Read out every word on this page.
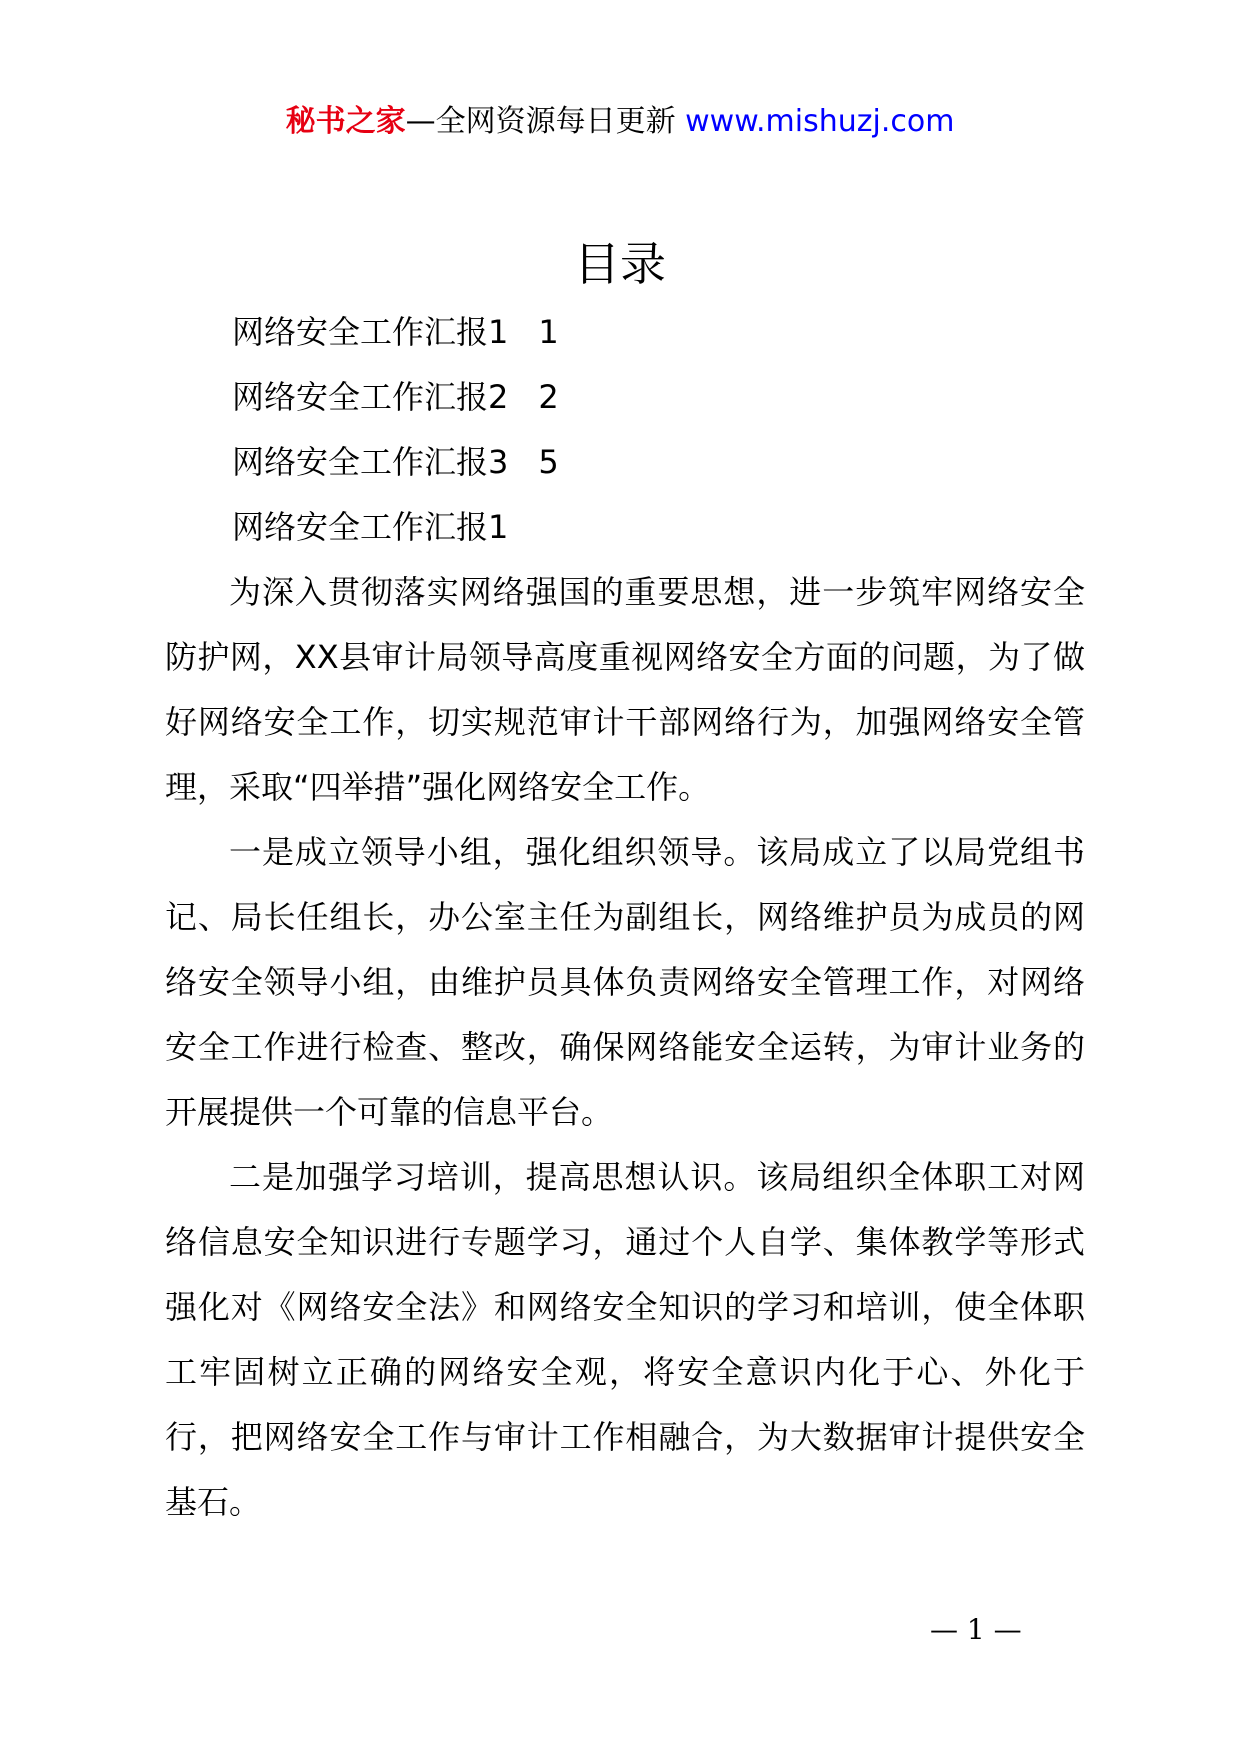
秘书之家—全网资源每日更新 www.mishuzj.com
目录
网络安全工作汇报1 1
网络安全工作汇报2 2
网络安全工作汇报3 5
网络安全工作汇报1

为深入贯彻落实网络强国的重要思想，进一步筑牢网络安全防护网，XX县审计局领导高度重视网络安全方面的问题，为了做好网络安全工作，切实规范审计干部网络行为，加强网络安全管理，采取“四举措”强化网络安全工作。

一是成立领导小组，强化组织领导。该局成立了以局党组书记、局长任组长，办公室主任为副组长，网络维护员为成员的网络安全领导小组，由维护员具体负责网络安全管理工作，对网络安全工作进行检查、整改，确保网络能安全运转，为审计业务的开展提供一个可靠的信息平台。

二是加强学习培训，提高思想认识。该局组织全体职工对网络信息安全知识进行专题学习，通过个人自学、集体教学等形式强化对《网络安全法》和网络安全知识的学习和培训，使全体职工牢固树立正确的网络安全观，将安全意识内化于心、外化于行，把网络安全工作与审计工作相融合，为大数据审计提供安全基石。

— 1 —
